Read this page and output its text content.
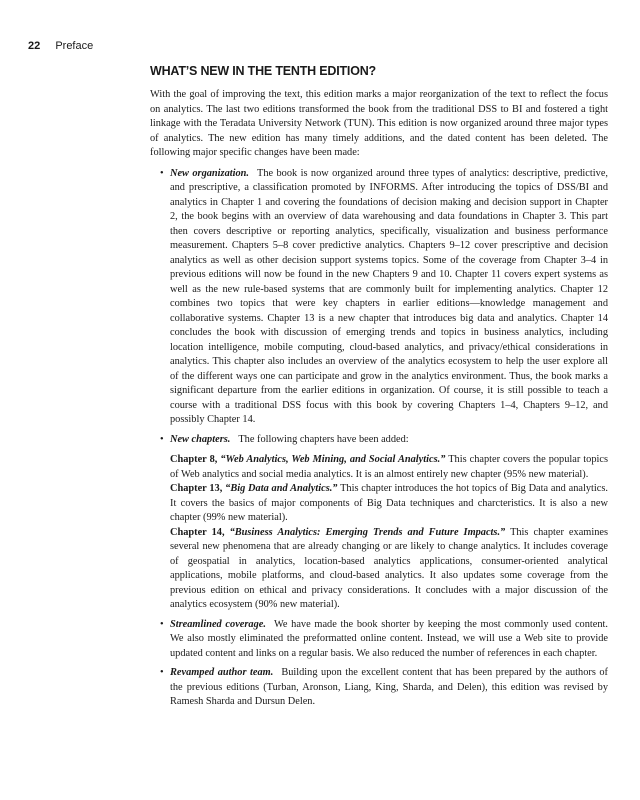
22 Preface
WHAT’S NEW IN THE TENTH EDITION?

With the goal of improving the text, this edition marks a major reorganization of the text to reflect the focus on analytics. The last two editions transformed the book from the traditional DSS to BI and fostered a tight linkage with the Teradata University Network (TUN). This edition is now organized around three major types of analytics. The new edition has many timely additions, and the dated content has been deleted. The following major specific changes have been made:

• New organization. The book is now organized around three types of analytics: descriptive, predictive, and prescriptive, a classification promoted by INFORMS. After introducing the topics of DSS/BI and analytics in Chapter 1 and covering the foundations of decision making and decision support in Chapter 2, the book begins with an overview of data warehousing and data foundations in Chapter 3. This part then covers descriptive or reporting analytics, specifically, visualization and business performance measurement. Chapters 5–8 cover predictive analytics. Chapters 9–12 cover prescriptive and decision analytics as well as other decision support systems topics. Some of the coverage from Chapter 3–4 in previous editions will now be found in the new Chapters 9 and 10. Chapter 11 covers expert systems as well as the new rule-based systems that are commonly built for implementing analytics. Chapter 12 combines two topics that were key chapters in earlier editions—knowledge management and collaborative systems. Chapter 13 is a new chapter that introduces big data and analytics. Chapter 14 concludes the book with discussion of emerging trends and topics in business analytics, including location intelligence, mobile computing, cloud-based analytics, and privacy/ethical considerations in analytics. This chapter also includes an overview of the analytics ecosystem to help the user explore all of the different ways one can participate and grow in the analytics environment. Thus, the book marks a significant departure from the earlier editions in organization. Of course, it is still possible to teach a course with a traditional DSS focus with this book by covering Chapters 1–4, Chapters 9–12, and possibly Chapter 14.
• New chapters. The following chapters have been added:
Chapter 8, “Web Analytics, Web Mining, and Social Analytics.” This chapter covers the popular topics of Web analytics and social media analytics. It is an almost entirely new chapter (95% new material).
Chapter 13, “Big Data and Analytics.” This chapter introduces the hot topics of Big Data and analytics. It covers the basics of major components of Big Data techniques and charcteristics. It is also a new chapter (99% new material).
Chapter 14, “Business Analytics: Emerging Trends and Future Impacts.” This chapter examines several new phenomena that are already changing or are likely to change analytics. It includes coverage of geospatial in analytics, location-based analytics applications, consumer-oriented analytical applications, mobile platforms, and cloud-based analytics. It also updates some coverage from the previous edition on ethical and privacy considerations. It concludes with a major discussion of the analytics ecosystem (90% new material).
• Streamlined coverage. We have made the book shorter by keeping the most commonly used content. We also mostly eliminated the preformatted online content. Instead, we will use a Web site to provide updated content and links on a regular basis. We also reduced the number of references in each chapter.
• Revamped author team. Building upon the excellent content that has been prepared by the authors of the previous editions (Turban, Aronson, Liang, King, Sharda, and Delen), this edition was revised by Ramesh Sharda and Dursun Delen.
